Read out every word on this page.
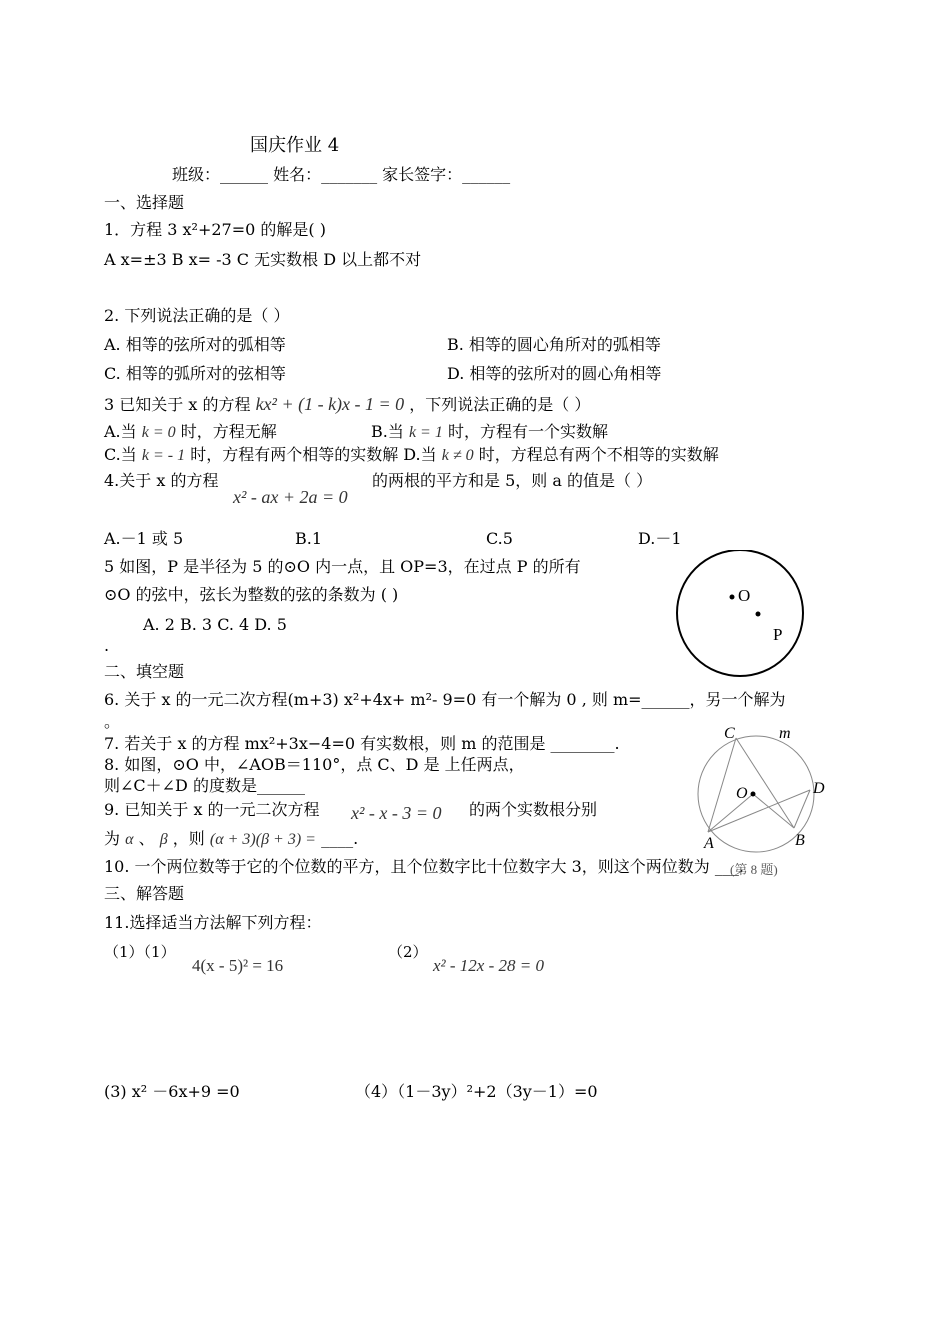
国庆作业 4
班级：______ 姓名：_______ 家长签字：______
一、选择题
1．方程 3 x²+27=0 的解是( )
A x=±3 B x= -3 C 无实数根 D 以上都不对
2. 下列说法正确的是（ ）
A. 相等的弦所对的弧相等	B. 相等的圆心角所对的弧相等
C. 相等的弧所对的弦相等	D. 相等的弦所对的圆心角相等
3 已知关于 x 的方程 kx² + (1 - k)x - 1 = 0 ，下列说法正确的是（ ）
A.当 k = 0 时，方程无解	B.当 k = 1 时，方程有一个实数解
C.当 k = - 1 时，方程有两个相等的实数解 D.当 k ≠ 0 时，方程总有两个不相等的实数解
4.关于 x 的方程
x² - ax + 2a = 0
的两根的平方和是 5，则 a 的值是（ ）
A.－1 或 5	B.1	C.5	D.－1
5 如图，P 是半径为 5 的⊙O 内一点，且 OP=3，在过点 P 的所有
⊙O 的弦中，弦长为整数的弦的条数为 ( )
A. 2 B. 3 C. 4 D. 5
.
O
P
二、填空题
6. 关于 x 的一元二次方程(m+3) x²+4x+ m²- 9=0 有一个解为 0 , 则 m=______，另一个解为
。
7. 若关于 x 的方程 mx²+3x−4=0 有实数根，则 m 的范围是 ________.
8. 如图，⊙O 中，∠AOB＝110°，点 C、D 是 上任两点，
则∠C＋∠D 的度数是______
9. 已知关于 x 的一元二次方程 x² - x - 3 = 0 的两个实数根分别
为 α 、 β ，则 (α + 3)(β + 3) = ____.
10. 一个两位数等于它的个位数的平方，且个位数字比十位数字大 3，则这个两位数为 ___.
C	m
O	D
A	B
(第 8 题)
三、解答题
11.选择适当方法解下列方程：
（1）（1）
4(x - 5)² = 16
（2）
x² - 12x - 28 = 0
(3) x² －6x+9 =0	（4）（1－3y）²+2（3y－1）=0
